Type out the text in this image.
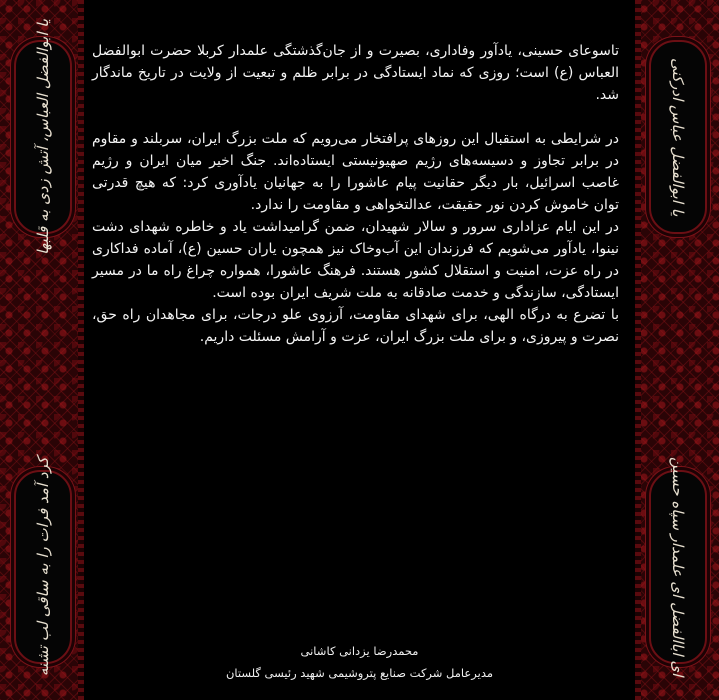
یا ابوالفضل العباس، آتش زدی به قلبها
کرد آمد فرات را به ساقی لب تشنه
یا ابوالفضل عباس ادرکنی
ای اباالفضل ای علمدار سپاه حسین

تاسوعای حسینی، یادآور وفاداری، بصیرت و از جان‌گذشتگی علمدار کربلا حضرت ابوالفضل العباس (ع) است؛ روزی که نماد ایستادگی در برابر ظلم و تبعیت از ولایت در تاریخ ماندگار شد.

در شرایطی به استقبال این روزهای پرافتخار می‌رویم که ملت بزرگ ایران، سربلند و مقاوم در برابر تجاوز و دسیسه‌های رژیم صهیونیستی ایستاده‌اند. جنگ اخیر میان ایران و رژیم غاصب اسرائیل، بار دیگر حقانیت پیام عاشورا را به جهانیان یادآوری کرد: که هیچ قدرتی توان خاموش کردن نور حقیقت، عدالتخواهی و مقاومت را ندارد.

در این ایام عزاداری سرور و سالار شهیدان، ضمن گرامیداشت یاد و خاطره شهدای دشت نینوا، یادآور می‌شویم که فرزندان این آب‌وخاک نیز همچون یاران حسین (ع)، آماده فداکاری در راه عزت، امنیت و استقلال کشور هستند. فرهنگ عاشورا، همواره چراغ راه ما در مسیر ایستادگی، سازندگی و خدمت صادقانه به ملت شریف ایران بوده است.

با تضرع به درگاه الهی، برای شهدای مقاومت، آرزوی علو درجات، برای مجاهدان راه حق، نصرت و پیروزی، و برای ملت بزرگ ایران، عزت و آرامش مسئلت داریم.

محمدرضا یزدانی کاشانی
مدیرعامل شرکت صنایع پتروشیمی شهید رئیسی گلستان
